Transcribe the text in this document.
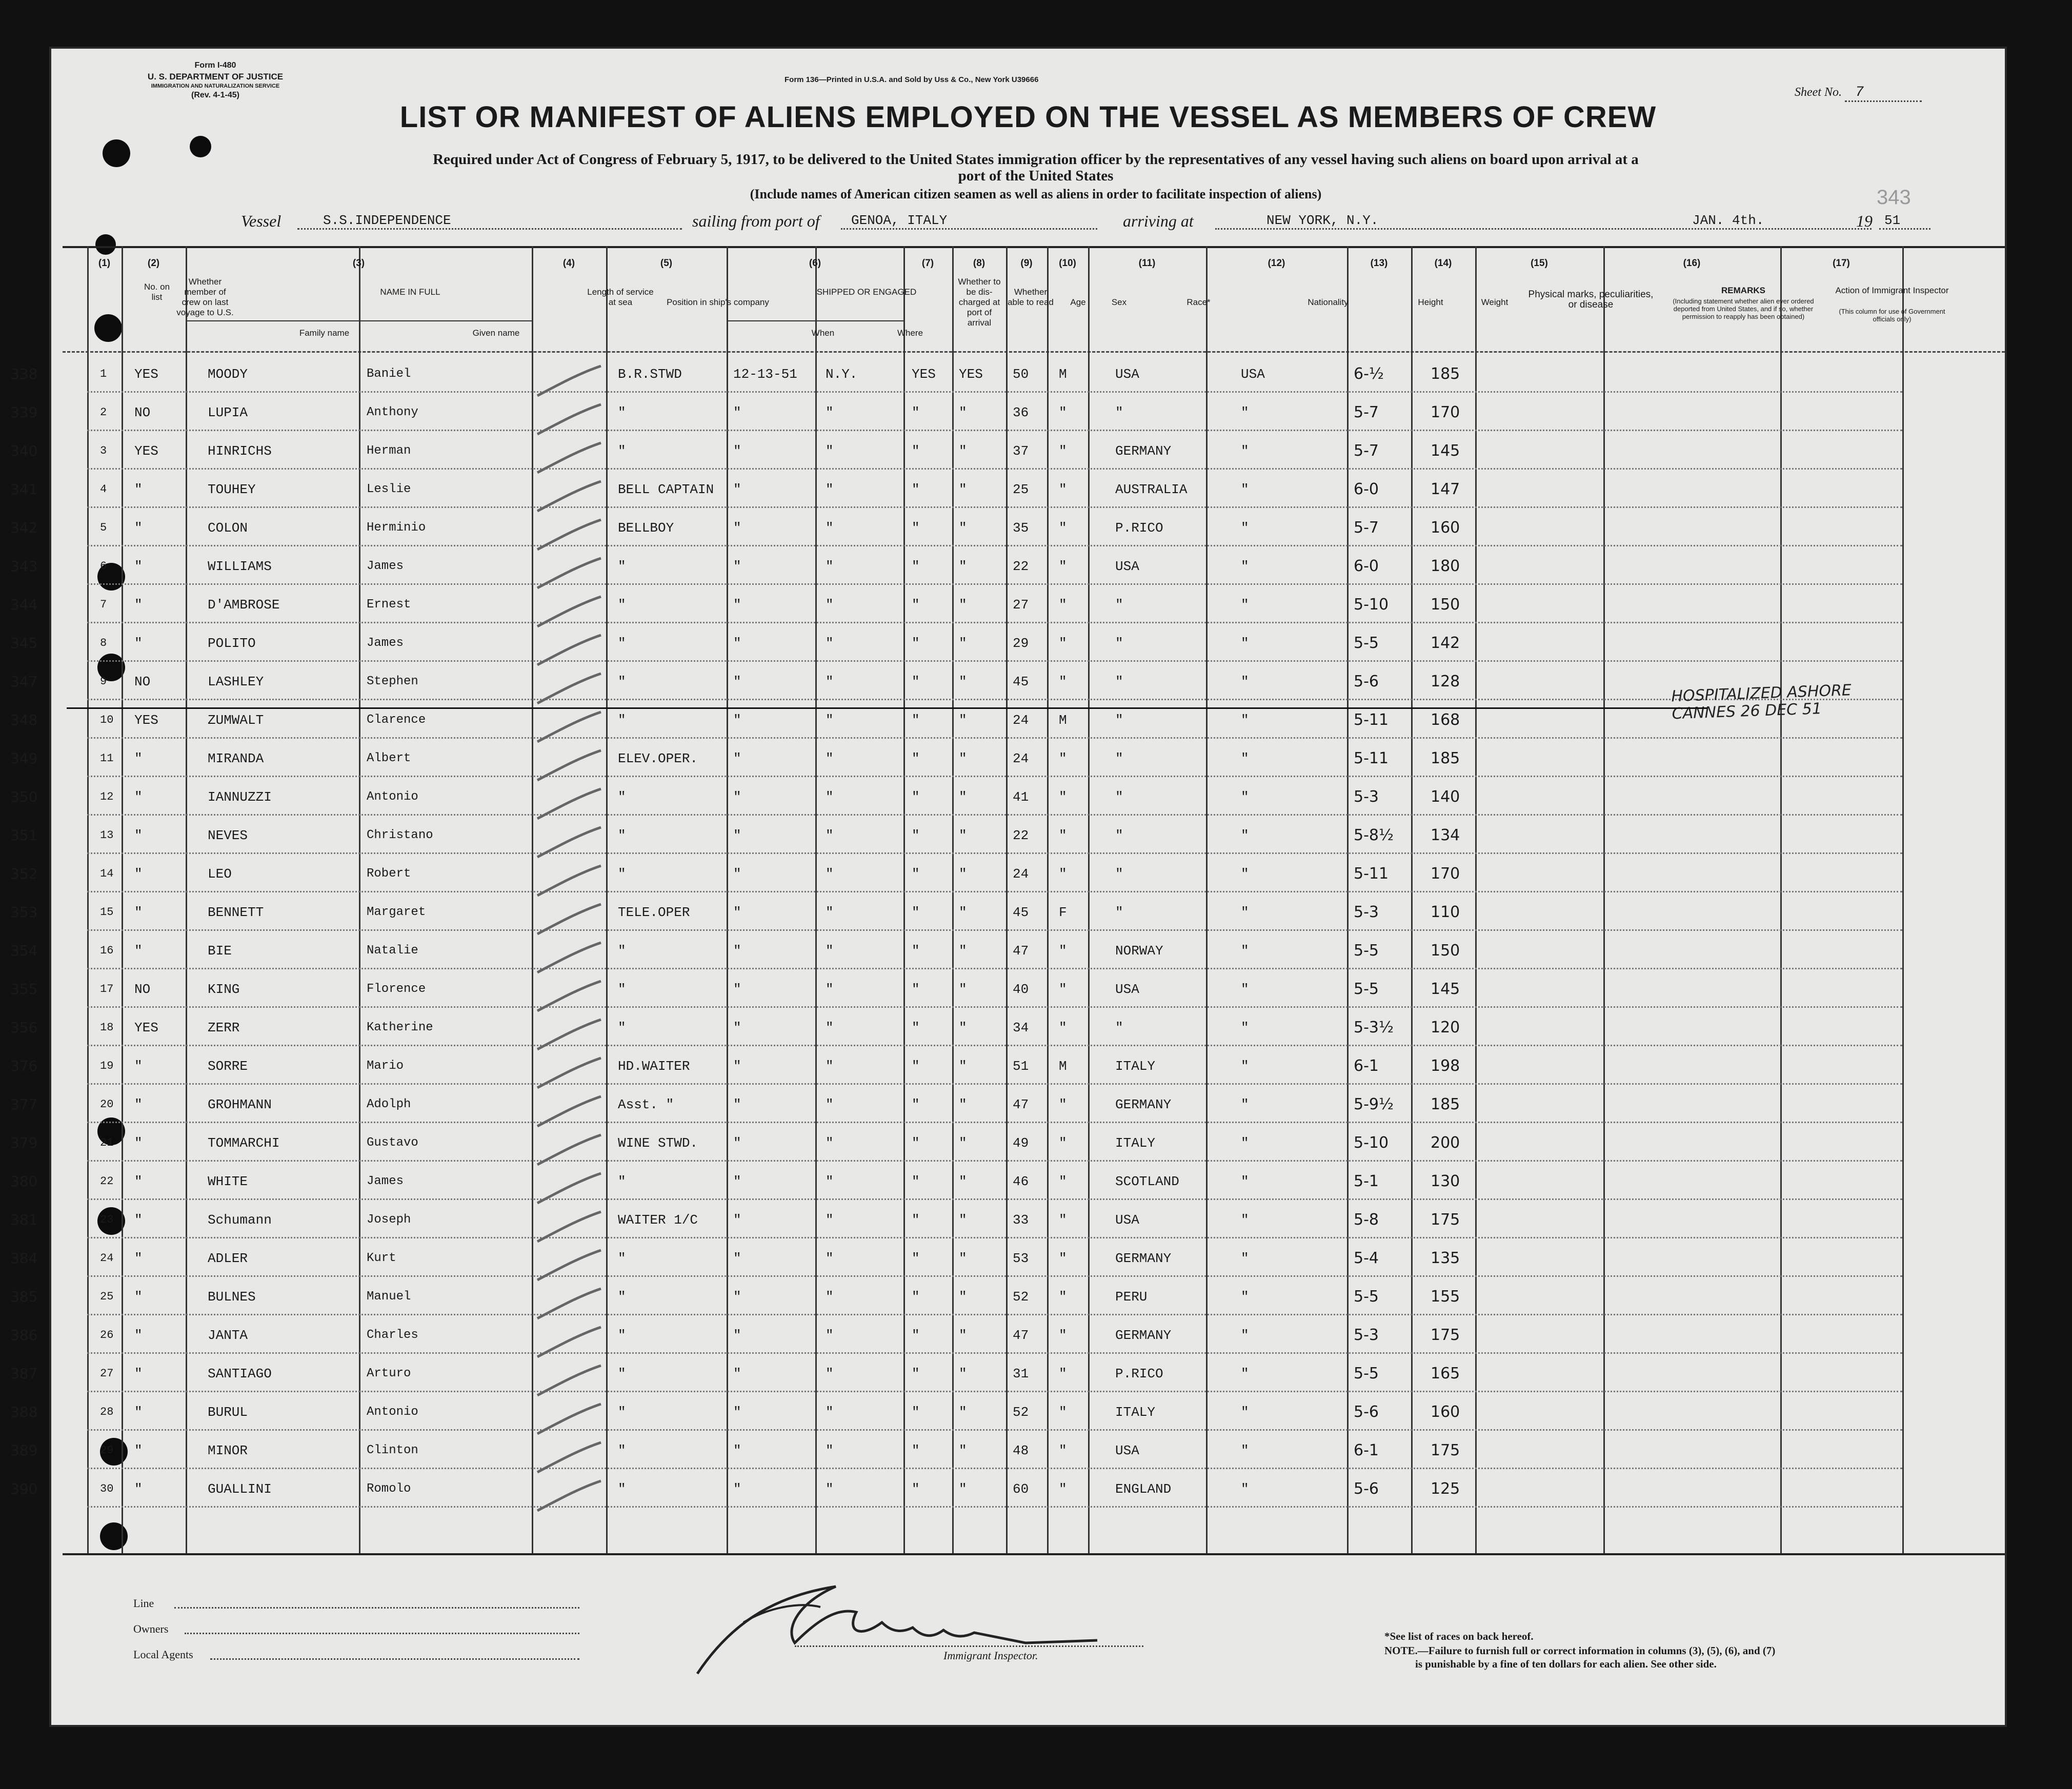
Form I-480
U. S. DEPARTMENT OF JUSTICE
IMMIGRATION AND NATURALIZATION SERVICE
(Rev. 4-1-45)
Form 136—Printed in U.S.A. and Sold by Uss & Co., New York U39666
Sheet No. 7
343
LIST OR MANIFEST OF ALIENS EMPLOYED ON THE VESSEL AS MEMBERS OF CREW
Required under Act of Congress of February 5, 1917, to be delivered to the United States immigration officer by the representatives of any vessel having such aliens on board upon arrival at a
port of the United States
(Include names of American citizen seamen as well as aliens in order to facilitate inspection of aliens)
Vessel	S.S.INDEPENDENCE	sailing from port of	GENOA, ITALY	arriving at	NEW YORK, N.Y.	JAN. 4th.	19 51
No. on list
Whether member of crew on last voyage to U.S.
NAME IN FULL
Family name	Given name
Length of service at sea	Position in ship's company
SHIPPED OR ENGAGED
When	Where
Whether to be dis-charged at port of arrival
Whether able to read	Age	Sex	Race*	Nationality	Height	Weight
Physical marks, peculiarities, or disease
REMARKS
(Including statement whether alien ever ordered deported from United States, and if so, whether permission to reapply has been obtained)
Action of Immigrant Inspector
(This column for use of Government officials only)
(1)	(2)	(3)	(4)	(5)	(6)	(7)	(8)	(9)	(10)	(11)	(12)	(13)	(14)	(15)	(16)	(17)
338	1 YES	MOODY	Baniel	B.R.STWD	12-13-51 N.Y.	YES YES 50 M	USA	USA	6-½	185
339	2 NO	LUPIA	Anthony	"	"	"	"	"	36 "	"	"	5-7	170
340	3 YES	HINRICHS	Herman	"	"	"	"	"	37 "	GERMANY	"	5-7	145
341	4 "	TOUHEY	Leslie	BELL CAPTAIN "	"	"	"	25 "	AUSTRALIA	"	6-0	147
342	5 "	COLON	Herminio	BELLBOY	"	"	"	"	35 "	P.RICO	"	5-7	160
343	6 "	WILLIAMS	James	"	"	"	"	"	22 "	USA	"	6-0	180
344	7 "	D'AMBROSE	Ernest	"	"	"	"	"	27 "	"	"	5-10	150
345	8 "	POLITO	James	"	"	"	"	"	29 "	"	"	5-5	142
347	9 NO	LASHLEY	Stephen	"	"	"	"	"	45 "	"	"	5-6	128
348	10 YES	ZUMWALT	Clarence	"	"	"	"	"	24 M	"	"	5-11	168
349	11 "	MIRANDA	Albert	ELEV.OPER.	"	"	"	"	24 "	"	"	5-11	185
350	12 "	IANNUZZI	Antonio	"	"	"	"	"	41 "	"	"	5-3	140
351	13 "	NEVES	Christano	"	"	"	"	"	22 "	"	"	5-8½ 134
352	14 "	LEO	Robert	"	"	"	"	"	24 "	"	"	5-11	170
353	15 "	BENNETT	Margaret	TELE.OPER	"	"	"	"	45 F	"	"	5-3	110
354	16 "	BIE	Natalie	"	"	"	"	"	47 "	NORWAY	"	5-5	150
355	17 NO	KING	Florence	"	"	"	"	"	40 "	USA	"	5-5	145
356	18 YES	ZERR	Katherine	"	"	"	"	"	34 "	"	"	5-3½ 120
376	19 "	SORRE	Mario	HD.WAITER	"	"	"	"	51 M	ITALY	"	6-1	198
377	20 "	GROHMANN	Adolph	Asst. "	"	"	"	"	47 "	GERMANY	"	5-9½ 185
379	21 "	TOMMARCHI	Gustavo	WINE STWD.	"	"	"	"	49 "	ITALY	"	5-10	200
380	22 "	WHITE	James	"	"	"	"	"	46 "	SCOTLAND	"	5-1	130
381	23 "	Schumann	Joseph	WAITER 1/C	"	"	"	"	33 "	USA	"	5-8	175
384	24 "	ADLER	Kurt	"	"	"	"	"	53 "	GERMANY	"	5-4	135
385	25 "	BULNES	Manuel	"	"	"	"	"	52 "	PERU	"	5-5	155
386	26 "	JANTA	Charles	"	"	"	"	"	47 "	GERMANY	"	5-3	175
387	27 "	SANTIAGO	Arturo	"	"	"	"	"	31 "	P.RICO	"	5-5	165
388	28 "	BURUL	Antonio	"	"	"	"	"	52 "	ITALY	"	5-6	160
389	29 "	MINOR	Clinton	"	"	"	"	"	48 "	USA	"	6-1	175
390	30 "	GUALLINI	Romolo	"	"	"	"	"	60 "	ENGLAND	"	5-6	125
HOSPITALIZED ASHORE CANNES 26 DEC 51
Line
Owners
Local Agents	Immigrant Inspector.
*See list of races on back hereof.
NOTE.—Failure to furnish full or correct information in columns (3), (5), (6), and (7)
is punishable by a fine of ten dollars for each alien. See other side.
